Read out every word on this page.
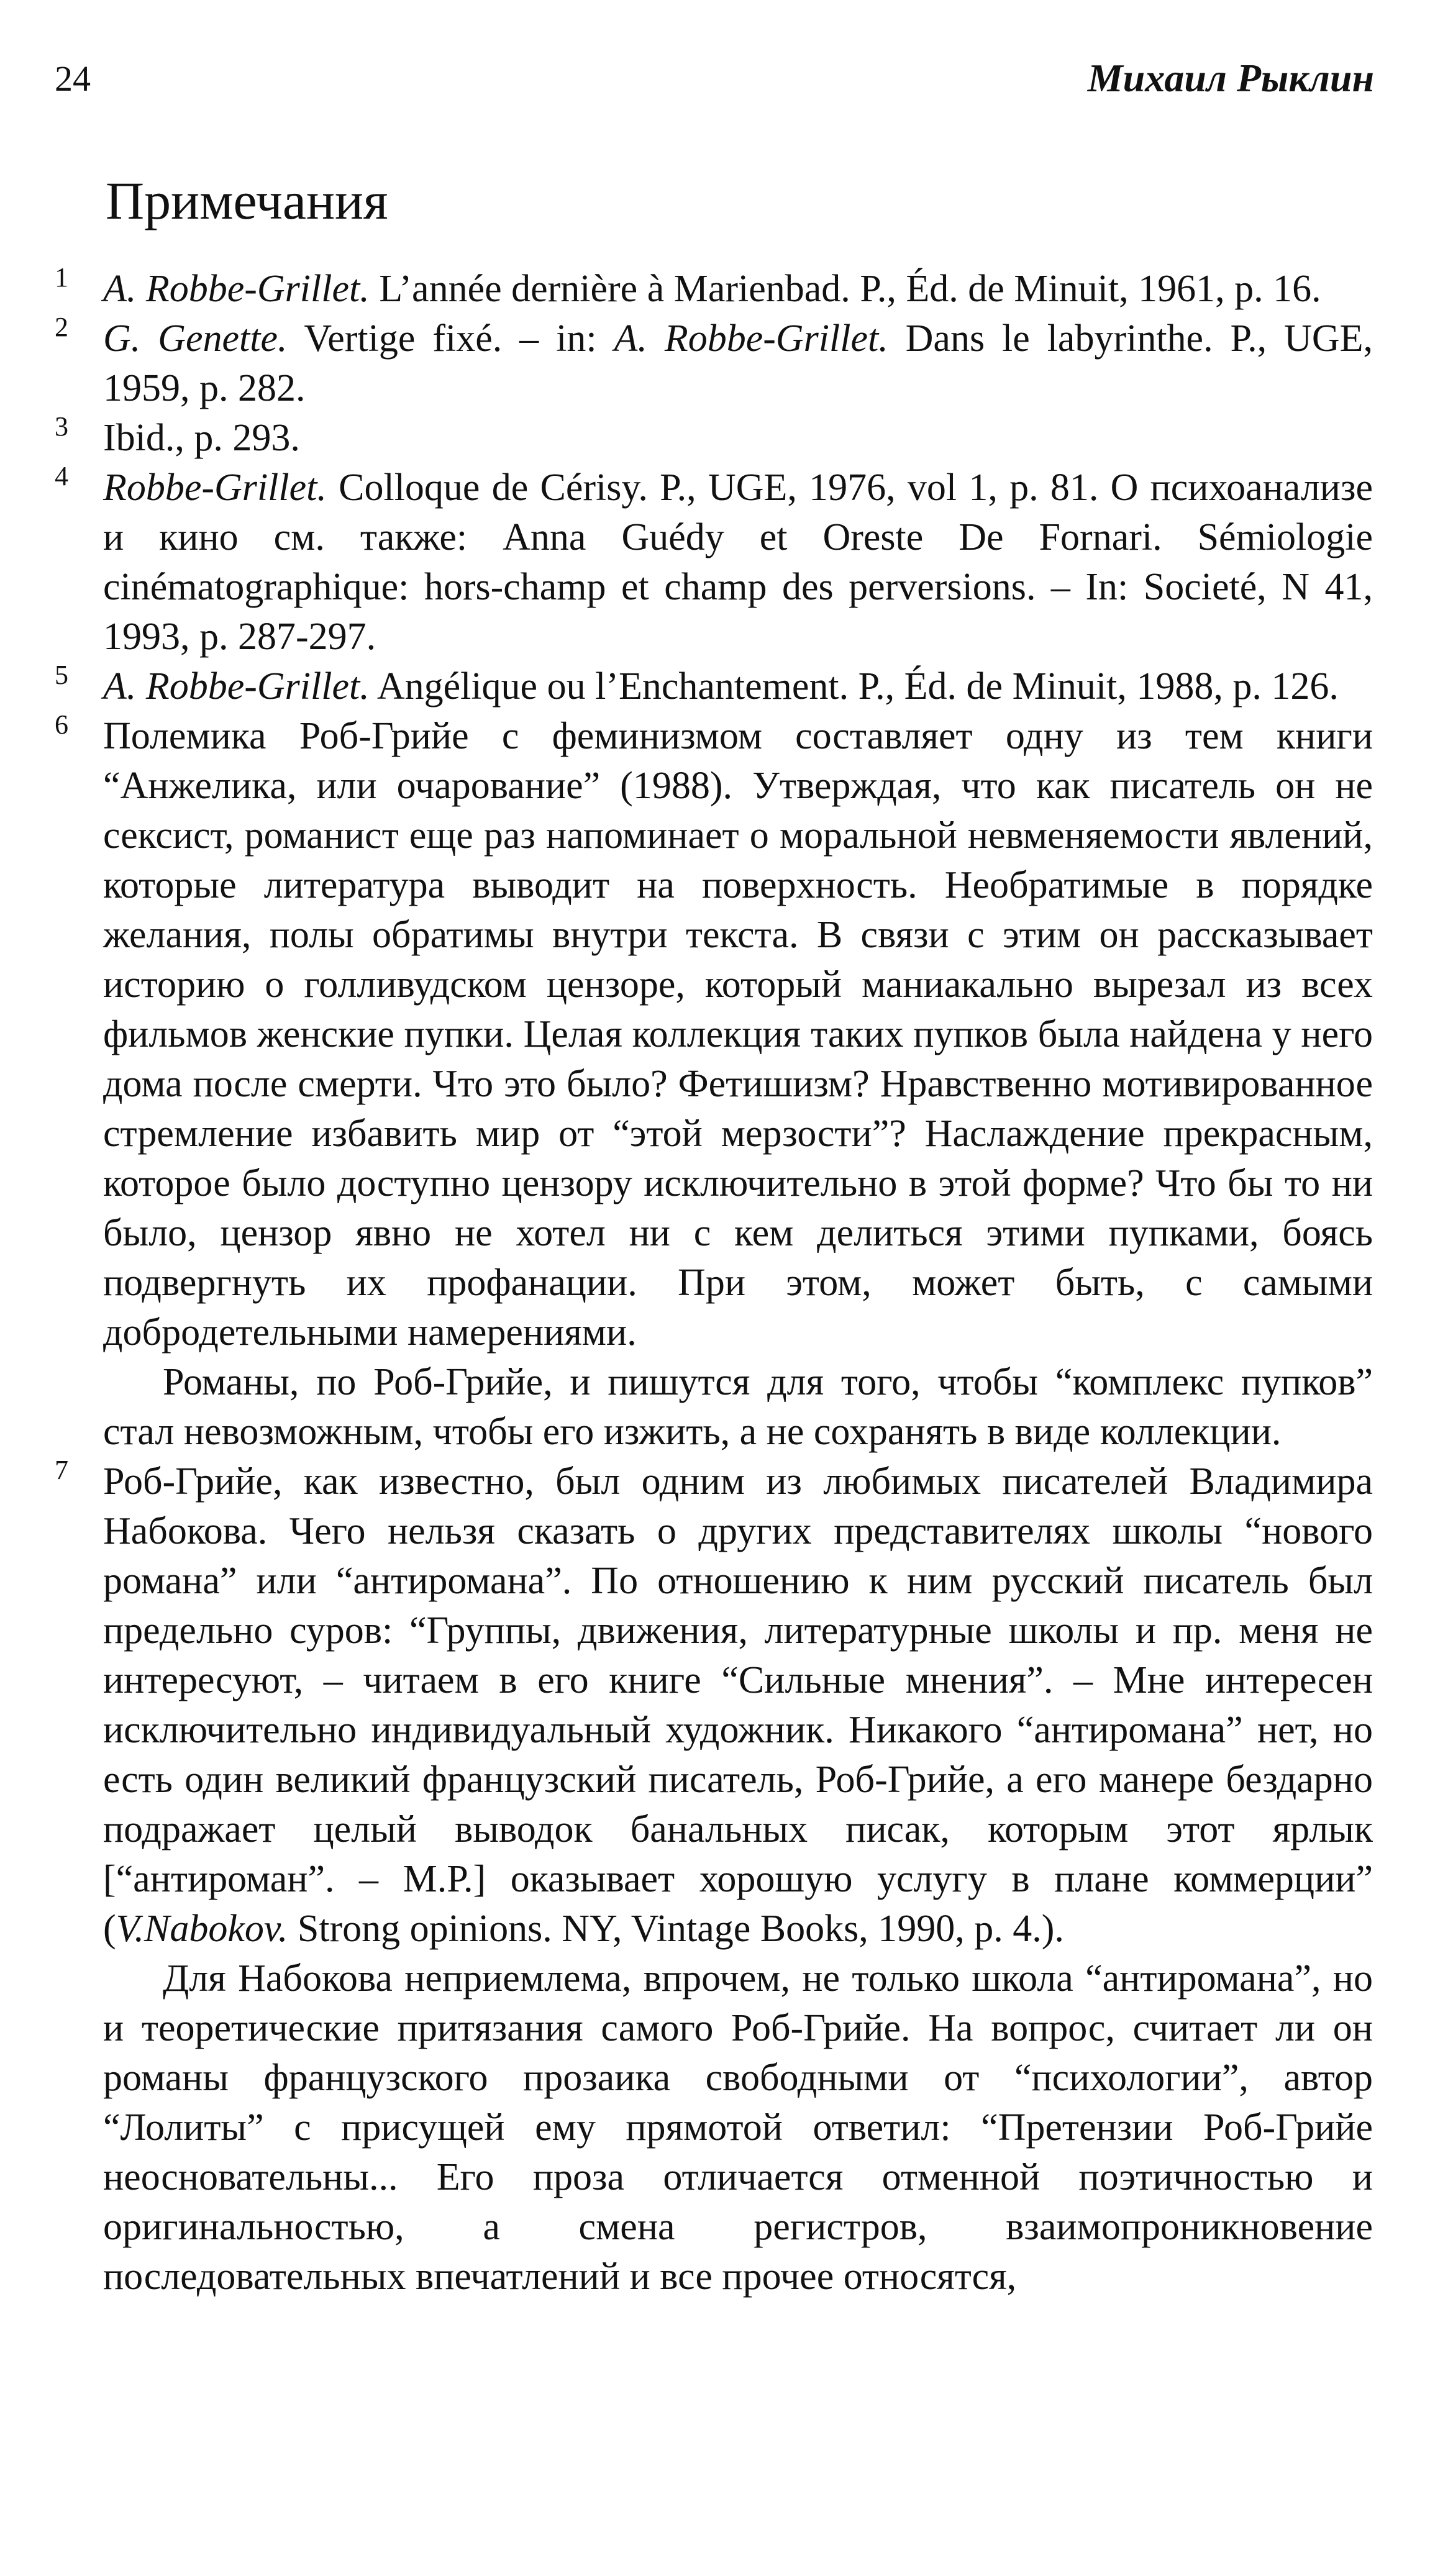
24	Михаил Рыклин
Примечания
1 A. Robbe-Grillet. L’année dernière à Marienbad. P., Éd. de Minuit, 1961, p. 16.

2 G. Genette. Vertige fixé. – in: A. Robbe-Grillet. Dans le labyrinthe. P., UGE, 1959, p. 282.

3 Ibid., p. 293.

4 Robbe-Grillet. Colloque de Cérisy. P., UGE, 1976, vol 1, p. 81. О психоанализе и кино см. также: Anna Guédy et Oreste De Fornari. Sémiologie cinématographique: hors-champ et champ des perversions. – In: Societé, N 41, 1993, p. 287-297.

5 A. Robbe-Grillet. Angélique ou l’Enchantement. P., Éd. de Minuit, 1988, p. 126.

6 Полемика Роб-Грийе с феминизмом составляет одну из тем книги “Анжелика, или очарование” (1988). Утверждая, что как писатель он не сексист, романист еще раз напоминает о моральной невменяемости явлений, которые литература выводит на поверхность. Необратимые в порядке желания, полы обратимы внутри текста. В связи с этим он рассказывает историю о голливудском цензоре, который маниакально вырезал из всех фильмов женские пупки. Целая коллекция таких пупков была найдена у него дома после смерти. Что это было? Фетишизм? Нравственно мотивированное стремление избавить мир от “этой мерзости”? Наслаждение прекрасным, которое было доступно цензору исключительно в этой форме? Что бы то ни было, цензор явно не хотел ни с кем делиться этими пупками, боясь подвергнуть их профанации. При этом, может быть, с самыми добродетельными намерениями.

Романы, по Роб-Грийе, и пишутся для того, чтобы “комплекс пупков” стал невозможным, чтобы его изжить, а не сохранять в виде коллекции.

7 Роб-Грийе, как известно, был одним из любимых писателей Владимира Набокова. Чего нельзя сказать о других представителях школы “нового романа” или “антиромана”. По отношению к ним русский писатель был предельно суров: “Группы, движения, литературные школы и пр. меня не интересуют, – читаем в его книге “Сильные мнения”. – Мне интересен исключительно индивидуальный художник. Никакого “антиромана” нет, но есть один великий французский писатель, Роб-Грийе, а его манере бездарно подражает целый выводок банальных писак, которым этот ярлык [“антироман”. – М.Р.] оказывает хорошую услугу в плане коммерции” (V.Nabokov. Strong opinions. NY, Vintage Books, 1990, p. 4.).

Для Набокова неприемлема, впрочем, не только школа “антиромана”, но и теоретические притязания самого Роб-Грийе. На вопрос, считает ли он романы французского прозаика свободными от “психологии”, автор “Лолиты” с присущей ему прямотой ответил: “Претензии Роб-Грийе неосновательны... Его проза отличается отменной поэтичностью и оригинальностью, а смена регистров, взаимопроникновение последовательных впечатлений и все прочее относятся,
